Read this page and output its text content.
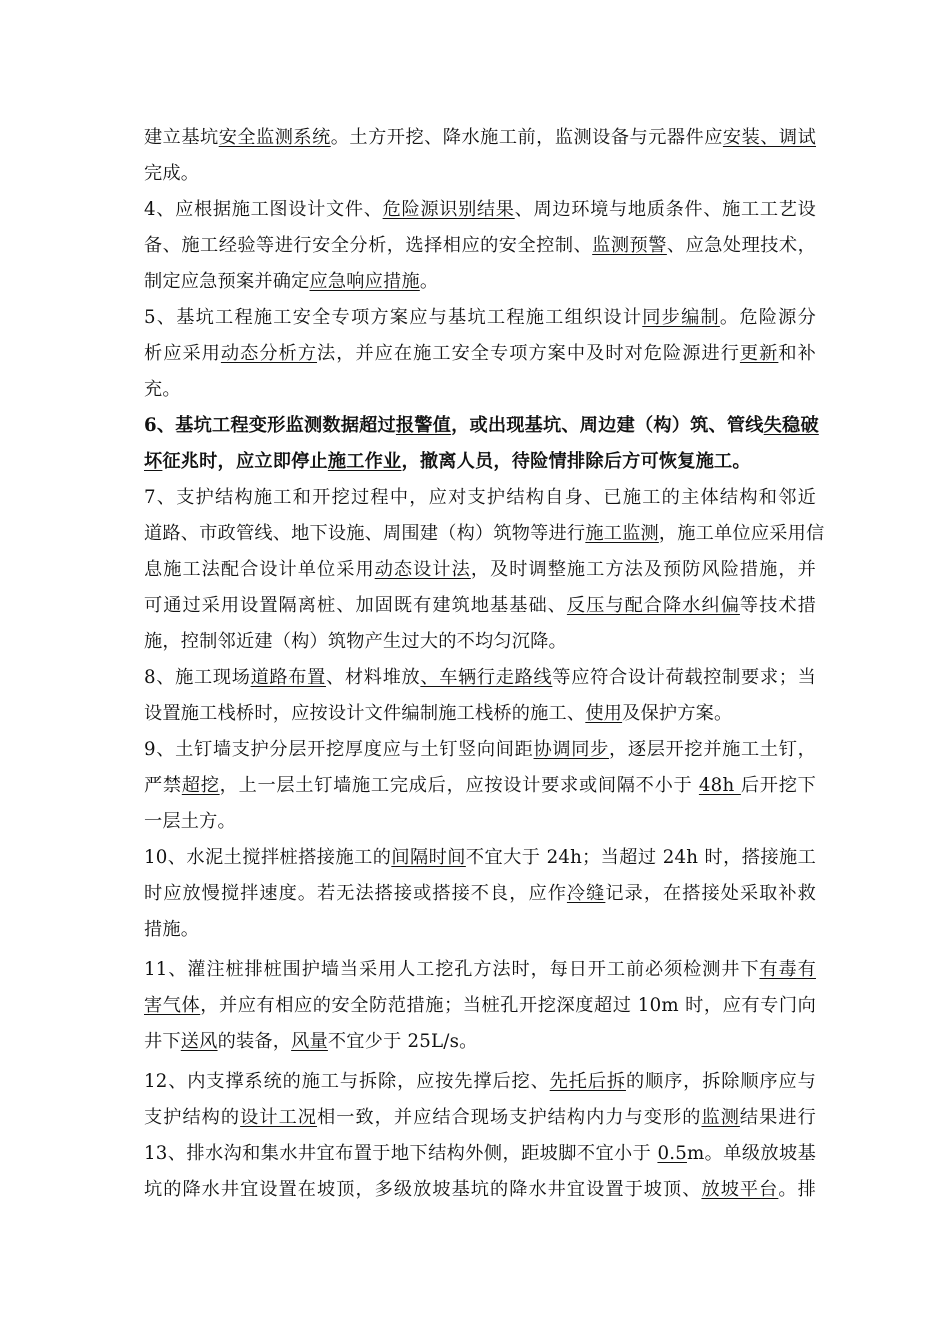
建立基坑安全监测系统。土方开挖、降水施工前，监测设备与元器件应安装、调试
完成。
4、应根据施工图设计文件、危险源识别结果、周边环境与地质条件、施工工艺设
备、施工经验等进行安全分析，选择相应的安全控制、监测预警、应急处理技术，
制定应急预案并确定应急响应措施。
5、基坑工程施工安全专项方案应与基坑工程施工组织设计同步编制。危险源分
析应采用动态分析方法，并应在施工安全专项方案中及时对危险源进行更新和补
充。
6、基坑工程变形监测数据超过报警值，或出现基坑、周边建（构）筑、管线失稳破
坏征兆时，应立即停止施工作业，撤离人员，待险情排除后方可恢复施工。
7、支护结构施工和开挖过程中，应对支护结构自身、已施工的主体结构和邻近
道路、市政管线、地下设施、周围建（构）筑物等进行施工监测，施工单位应采用信
息施工法配合设计单位采用动态设计法，及时调整施工方法及预防风险措施，并
可通过采用设置隔离桩、加固既有建筑地基基础、反压与配合降水纠偏等技术措
施，控制邻近建（构）筑物产生过大的不均匀沉降。
8、施工现场道路布置、材料堆放、车辆行走路线等应符合设计荷载控制要求；当
设置施工栈桥时，应按设计文件编制施工栈桥的施工、使用及保护方案。
9、土钉墙支护分层开挖厚度应与土钉竖向间距协调同步，逐层开挖并施工土钉，
严禁超挖，上一层土钉墙施工完成后，应按设计要求或间隔不小于 48h 后开挖下
一层土方。
10、水泥土搅拌桩搭接施工的间隔时间不宜大于 24h；当超过 24h 时，搭接施工
时应放慢搅拌速度。若无法搭接或搭接不良，应作冷缝记录，在搭接处采取补救
措施。
11、灌注桩排桩围护墙当采用人工挖孔方法时，每日开工前必须检测井下有毒有
害气体，并应有相应的安全防范措施；当桩孔开挖深度超过 10m 时，应有专门向
井下送风的装备，风量不宜少于 25L/s。
12、内支撑系统的施工与拆除，应按先撑后挖、先托后拆的顺序，拆除顺序应与
支护结构的设计工况相一致，并应结合现场支护结构内力与变形的监测结果进行
13、排水沟和集水井宜布置于地下结构外侧，距坡脚不宜小于 0.5m。单级放坡基
坑的降水井宜设置在坡顶，多级放坡基坑的降水井宜设置于坡顶、放坡平台。排
